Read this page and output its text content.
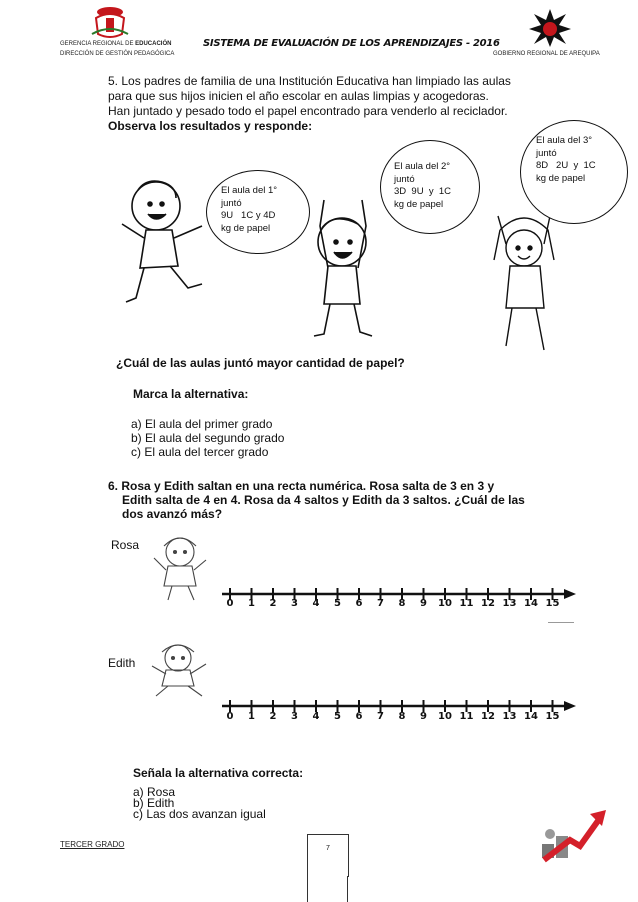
GERENCIA REGIONAL DE EDUCACIÓN
DIRECCIÓN DE GESTIÓN PEDAGÓGICA
SISTEMA DE EVALUACIÓN DE LOS APRENDIZAJES - 2016
GOBIERNO REGIONAL DE AREQUIPA
5. Los padres de familia de una Institución Educativa han limpiado las aulas
para que sus hijos inicien el año escolar en aulas limpias y acogedoras.
Han juntado y pesado todo el papel encontrado para venderlo al reciclador.
Observa los resultados y responde:
El aula del 1°
juntó
9U   1C y 4D
kg de papel
El aula del 2°
juntó
3D  9U  y  1C
kg de papel
El aula del 3°
juntó
8D   2U  y  1C
kg de papel
¿Cuál de las aulas juntó mayor cantidad de papel?
Marca la alternativa:
a) El aula del primer grado
b) El aula del segundo grado
c) El aula del tercer grado
6. Rosa y Edith saltan en una recta numérica. Rosa salta de 3 en 3 y
Edith salta de 4 en 4. Rosa da 4 saltos y Edith da 3 saltos. ¿Cuál de las
dos avanzó más?
Rosa
0	1	2	3	4	5	6	7	8	9	10 11 12 13 14 15
Edith
0	1	2	3	4	5	6	7	8	9	10 11 12 13 14 15
Señala la alternativa correcta:
a) Rosa
b) Edith
c) Las dos avanzan igual
TERCER GRADO	7
